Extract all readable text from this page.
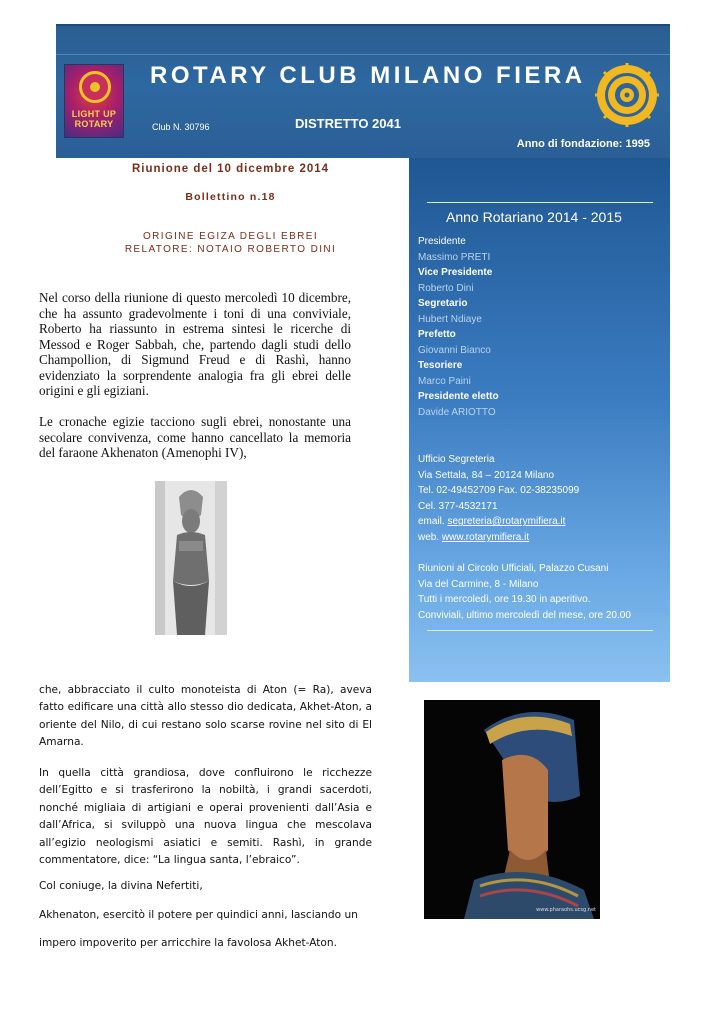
LIGHT UP ROTARY
ROTARY CLUB MILANO FIERA
Club N. 30796	DISTRETTO 2041
Anno di fondazione: 1995
Riunione del 10 dicembre 2014
Bollettino n.18
ORIGINE EGIZA DEGLI EBREI
RELATORE: NOTAIO ROBERTO DINI
Nel corso della riunione di questo mercoledì 10 dicembre, che ha assunto gradevolmente i toni di una conviviale, Roberto ha riassunto in estrema sintesi le ricerche di Messod e Roger Sabbah, che, partendo dagli studi dello Champollion, di Sigmund Freud e di Rashì, hanno evidenziato la sorprendente analogia fra gli ebrei delle origini e gli egiziani.
Le cronache egizie tacciono sugli ebrei, nonostante una secolare convivenza, come hanno cancellato la memoria del faraone Akhenaton (Amenophi IV),
che, abbracciato il culto monoteista di Aton (= Ra), aveva fatto edificare una città allo stesso dio dedicata, Akhet-Aton, a oriente del Nilo, di cui restano solo scarse rovine nel sito di El Amarna.
In quella città grandiosa, dove confluirono le ricchezze dell’Egitto e si trasferirono la nobiltà, i grandi sacerdoti, nonché migliaia di artigiani e operai provenienti dall’Asia e dall’Africa, si sviluppò una nuova lingua che mescolava all’egizio neologismi asiatici e semiti. Rashì, in grande commentatore, dice: “La lingua santa, l’ebraico”.
Col coniuge, la divina Nefertiti,
Akhenaton, esercitò il potere per quindici anni, lasciando un
impero impoverito per arricchire la favolosa Akhet-Aton.
www.pharaohs.ucsg.net
Anno Rotariano 2014 - 2015
Presidente
Massimo PRETI
Vice Presidente
Roberto Dini
Segretario
Hubert Ndiaye
Prefetto
Giovanni Bianco
Tesoriere
Marco Paini
Presidente eletto
Davide ARIOTTO
Ufficio Segreteria
Via Settala, 84 – 20124 Milano
Tel. 02-49452709 Fax. 02-38235099
Cel. 377-4532171
email. segreteria@rotarymifiera.it
web. www.rotarymifiera.it
Riunioni al Circolo Ufficiali, Palazzo Cusani
Via del Carmine, 8 - Milano
Tutti i mercoledì, ore 19.30 in aperitivo.
Conviviali, ultimo mercoledì del mese, ore 20.00
